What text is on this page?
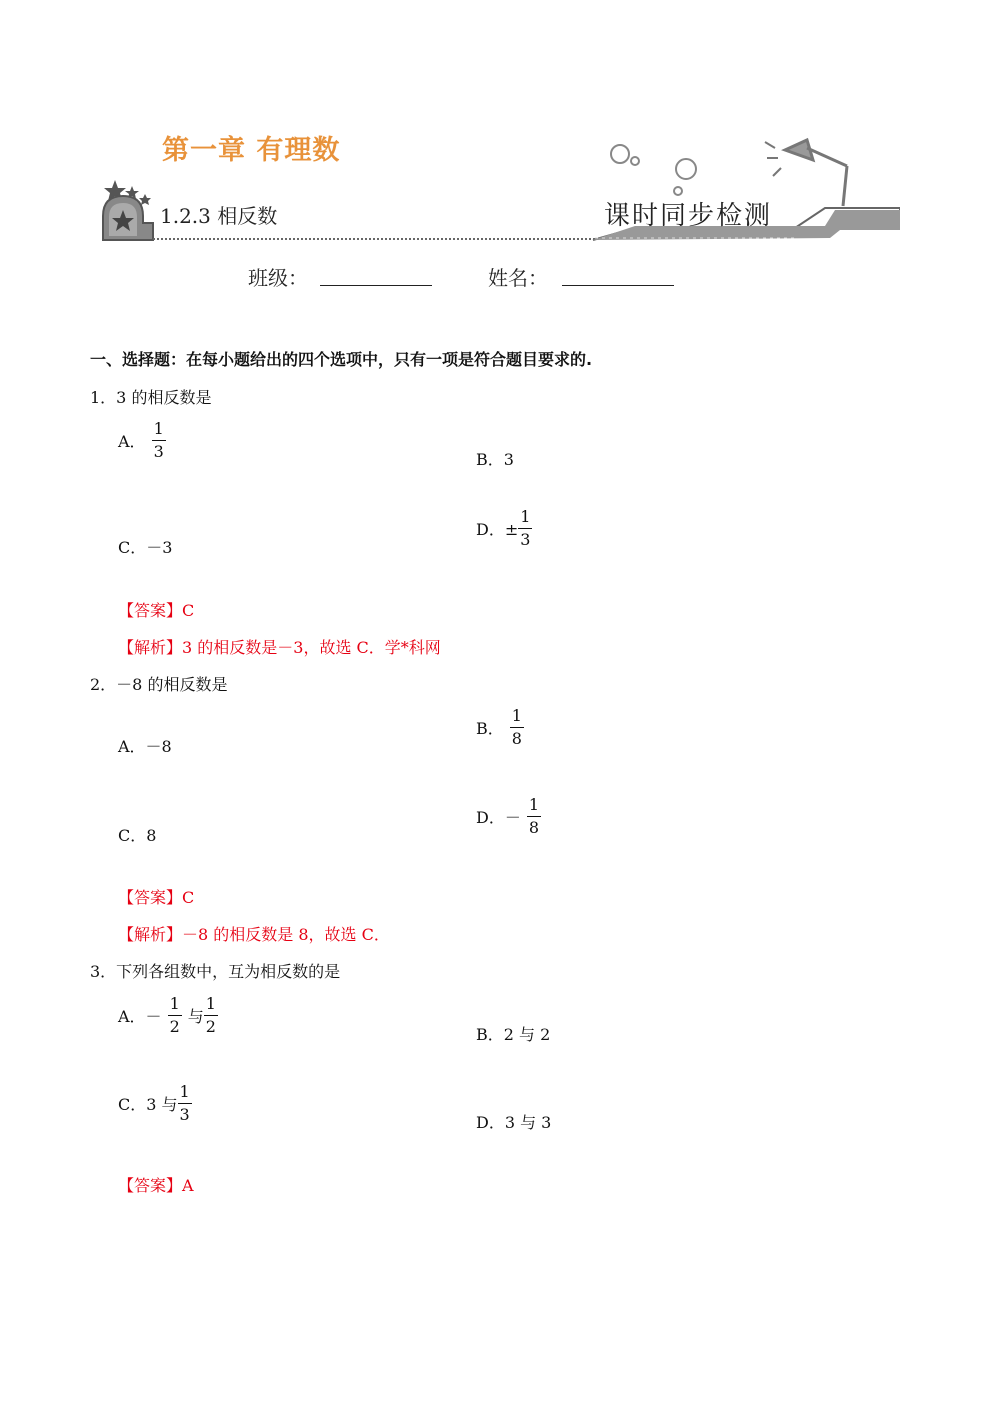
第一章 有理数
1.2.3 相反数	课时同步检测
班级：	姓名：
一、选择题：在每小题给出的四个选项中，只有一项是符合题目要求的.
1．3 的相反数是
A． $\frac{1}{3}$	B．3
C．－3
D．± $\frac{1}{3}$
【答案】C
【解析】3 的相反数是－3，故选 C．学*科网
2．－8 的相反数是
A．－8
B． $\frac{1}{8}$
C．8
D．－ $\frac{1}{8}$
【答案】C
【解析】－8 的相反数是 8，故选 C．
3．下列各组数中，互为相反数的是
A．－ $\frac{1}{2}$ 与 $\frac{1}{2}$	B．2 与 2
C．3 与 $\frac{1}{3}$	D．3 与 3
【答案】A
